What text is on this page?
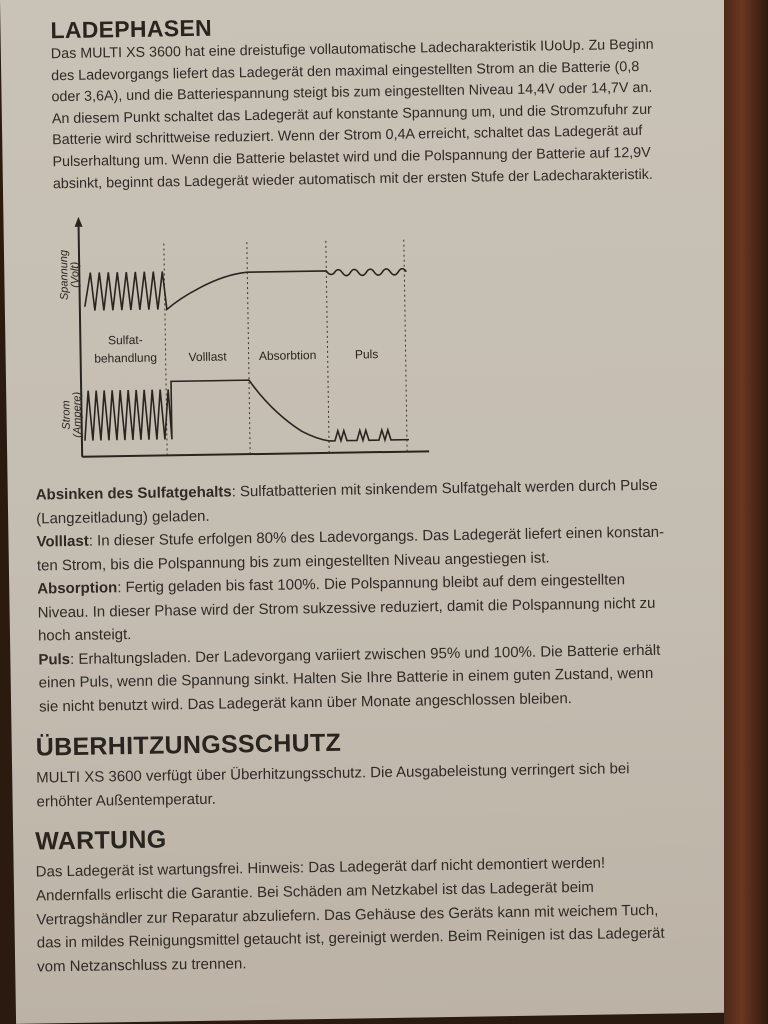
LADEPHASEN

Das MULTI XS 3600 hat eine dreistufige vollautomatische Ladecharakteristik IUoUp. Zu Beginn
des Ladevorgangs liefert das Ladegerät den maximal eingestellten Strom an die Batterie (0,8
oder 3,6A), und die Batteriespannung steigt bis zum eingestellten Niveau 14,4V oder 14,7V an.
An diesem Punkt schaltet das Ladegerät auf konstante Spannung um, und die Stromzufuhr zur
Batterie wird schrittweise reduziert. Wenn der Strom 0,4A erreicht, schaltet das Ladegerät auf
Pulserhaltung um. Wenn die Batterie belastet wird und die Polspannung der Batterie auf 12,9V
absinkt, beginnt das Ladegerät wieder automatisch mit der ersten Stufe der Ladecharakteristik.

Spannung
(Volt)
Strom
(Ampere)
Sulfat-
behandlung	Volllast	Absorbtion	Puls

Absinken des Sulfatgehalts: Sulfatbatterien mit sinkendem Sulfatgehalt werden durch Pulse
(Langzeitladung) geladen.

Volllast: In dieser Stufe erfolgen 80% des Ladevorgangs. Das Ladegerät liefert einen konstan-
ten Strom, bis die Polspannung bis zum eingestellten Niveau angestiegen ist.

Absorption: Fertig geladen bis fast 100%. Die Polspannung bleibt auf dem eingestellten
Niveau. In dieser Phase wird der Strom sukzessive reduziert, damit die Polspannung nicht zu
hoch ansteigt.

Puls: Erhaltungsladen. Der Ladevorgang variiert zwischen 95% und 100%. Die Batterie erhält
einen Puls, wenn die Spannung sinkt. Halten Sie Ihre Batterie in einem guten Zustand, wenn
sie nicht benutzt wird. Das Ladegerät kann über Monate angeschlossen bleiben.

ÜBERHITZUNGSSCHUTZ

MULTI XS 3600 verfügt über Überhitzungsschutz. Die Ausgabeleistung verringert sich bei
erhöhter Außentemperatur.

WARTUNG

Das Ladegerät ist wartungsfrei. Hinweis: Das Ladegerät darf nicht demontiert werden!
Andernfalls erlischt die Garantie. Bei Schäden am Netzkabel ist das Ladegerät beim
Vertragshändler zur Reparatur abzuliefern. Das Gehäuse des Geräts kann mit weichem Tuch,
das in mildes Reinigungsmittel getaucht ist, gereinigt werden. Beim Reinigen ist das Ladegerät
vom Netzanschluss zu trennen.
